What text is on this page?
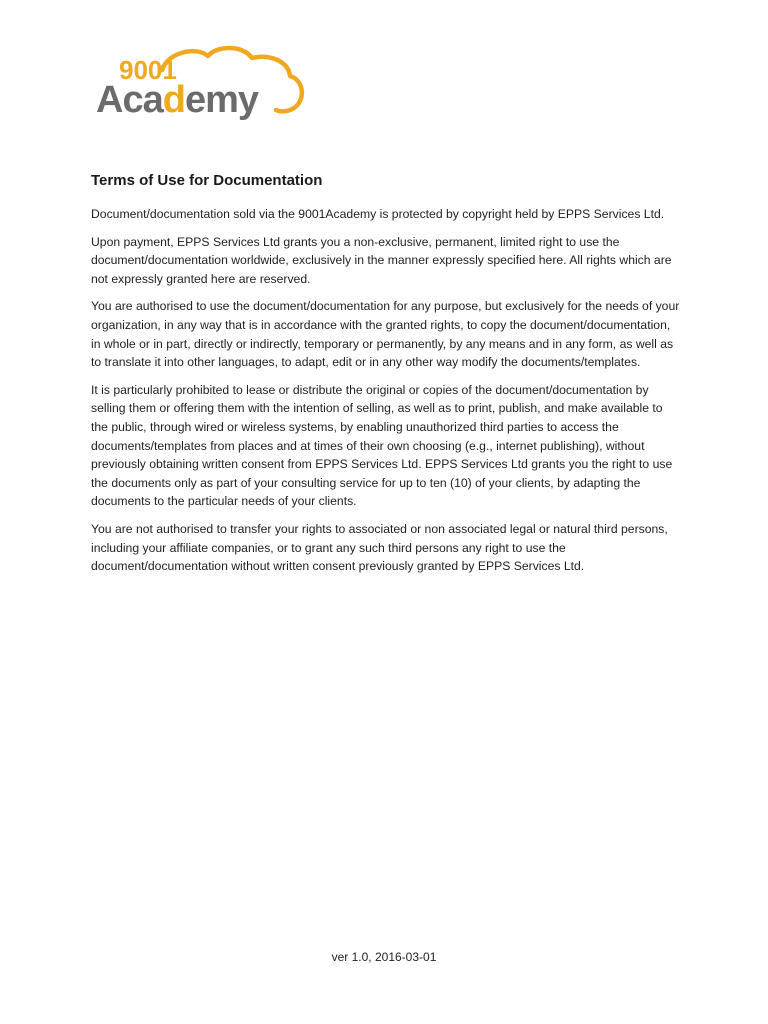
9001
Academy
Terms of Use for Documentation

Document/documentation sold via the 9001Academy is protected by copyright held by EPPS Services Ltd.

Upon payment, EPPS Services Ltd grants you a non-exclusive, permanent, limited right to use the document/documentation worldwide, exclusively in the manner expressly specified here. All rights which are not expressly granted here are reserved.

You are authorised to use the document/documentation for any purpose, but exclusively for the needs of your organization, in any way that is in accordance with the granted rights, to copy the document/documentation, in whole or in part, directly or indirectly, temporary or permanently, by any means and in any form, as well as to translate it into other languages, to adapt, edit or in any other way modify the documents/templates.

It is particularly prohibited to lease or distribute the original or copies of the document/documentation by selling them or offering them with the intention of selling, as well as to print, publish, and make available to the public, through wired or wireless systems, by enabling unauthorized third parties to access the documents/templates from places and at times of their own choosing (e.g., internet publishing), without previously obtaining written consent from EPPS Services Ltd. EPPS Services Ltd grants you the right to use the documents only as part of your consulting service for up to ten (10) of your clients, by adapting the documents to the particular needs of your clients.

You are not authorised to transfer your rights to associated or non associated legal or natural third persons, including your affiliate companies, or to grant any such third persons any right to use the document/documentation without written consent previously granted by EPPS Services Ltd.

ver 1.0, 2016-03-01
